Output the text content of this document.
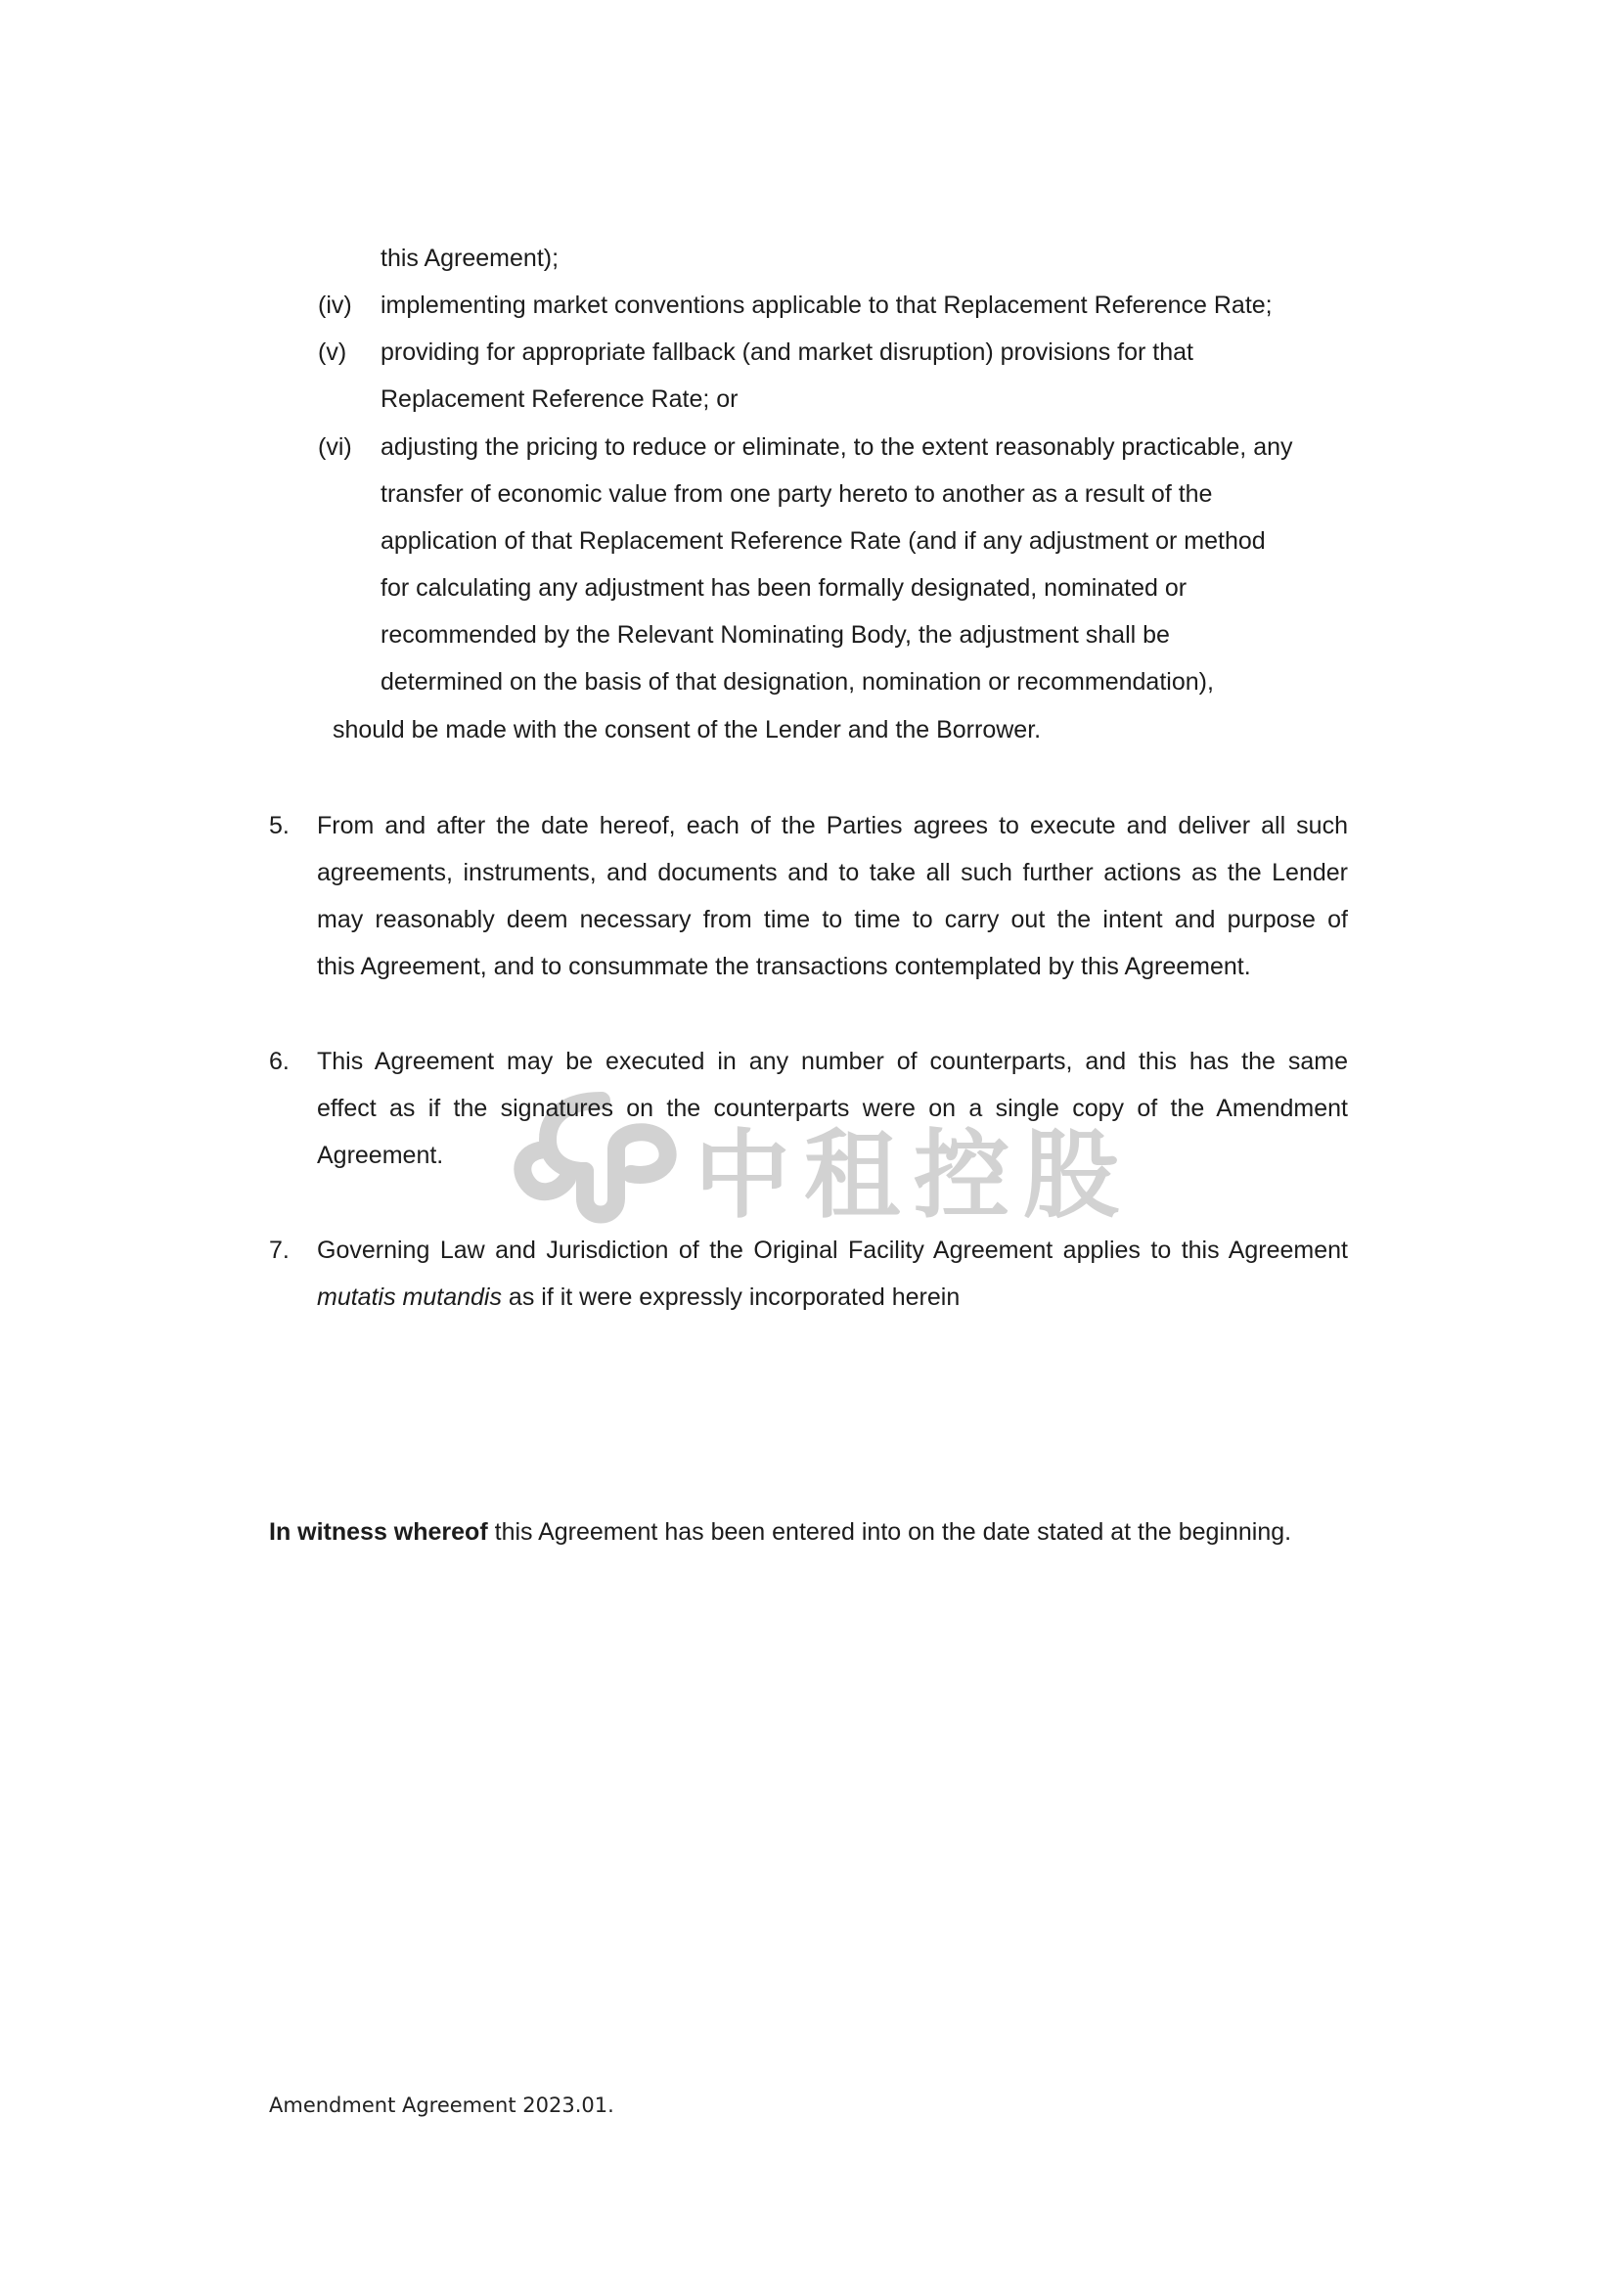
中租控股
this Agreement);
(iv) implementing market conventions applicable to that Replacement Reference Rate;
(v) providing for appropriate fallback (and market disruption) provisions for that
Replacement Reference Rate; or
(vi) adjusting the pricing to reduce or eliminate, to the extent reasonably practicable, any
transfer of economic value from one party hereto to another as a result of the
application of that Replacement Reference Rate (and if any adjustment or method
for calculating any adjustment has been formally designated, nominated or
recommended by the Relevant Nominating Body, the adjustment shall be
determined on the basis of that designation, nomination or recommendation),
should be made with the consent of the Lender and the Borrower.
5. From and after the date hereof, each of the Parties agrees to execute and deliver all such
agreements, instruments, and documents and to take all such further actions as the Lender
may reasonably deem necessary from time to time to carry out the intent and purpose of
this Agreement, and to consummate the transactions contemplated by this Agreement.
6. This Agreement may be executed in any number of counterparts, and this has the same
effect as if the signatures on the counterparts were on a single copy of the Amendment
Agreement.
7. Governing Law and Jurisdiction of the Original Facility Agreement applies to this Agreement
mutatis mutandis as if it were expressly incorporated herein
In witness whereof this Agreement has been entered into on the date stated at the beginning.
Amendment Agreement 2023.01.
